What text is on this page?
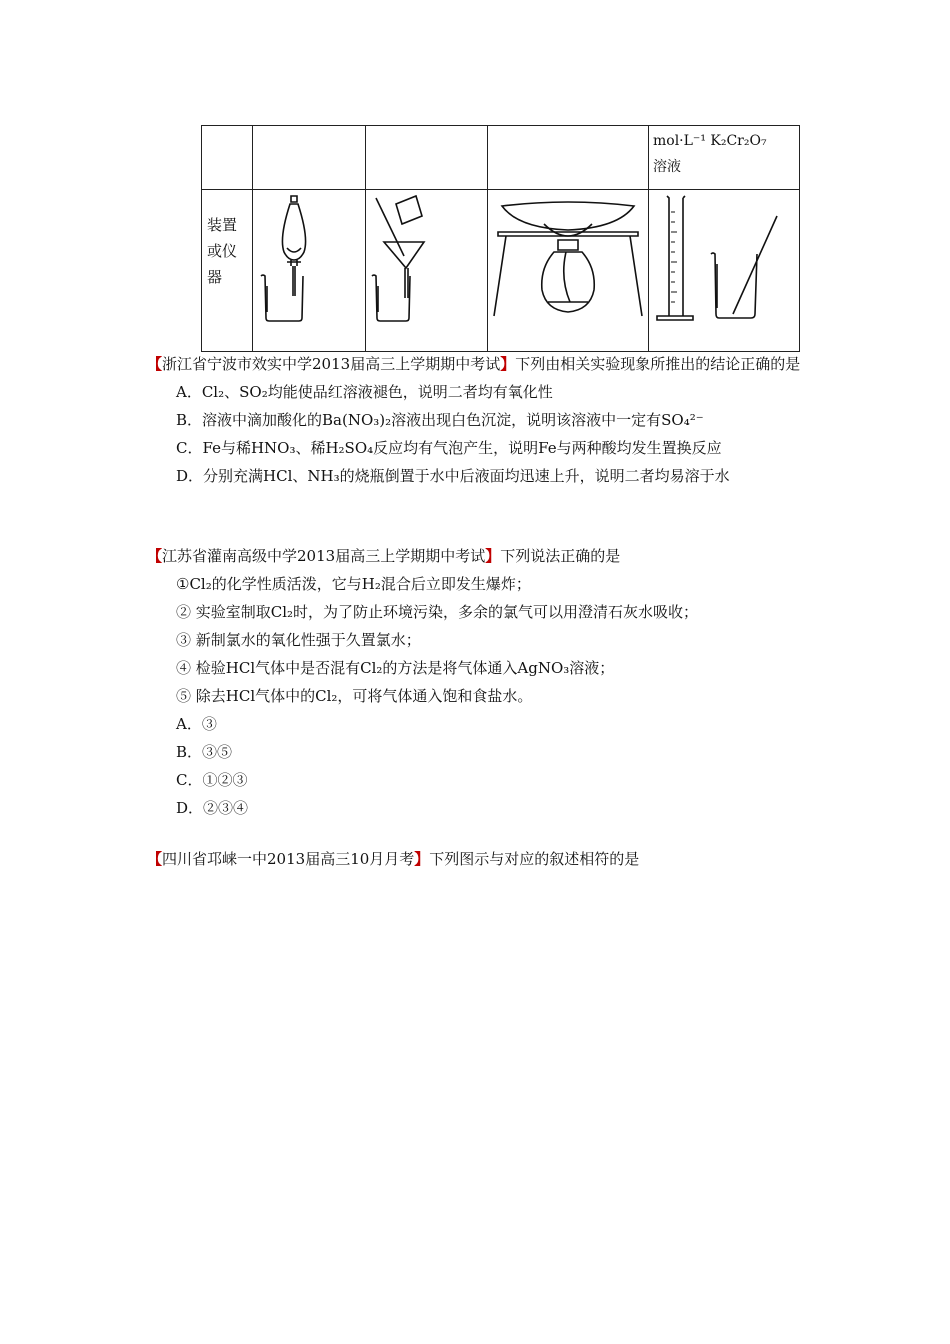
				mol·L⁻¹ K₂Cr₂O₇
溶液

装置
或仪
器

【浙江省宁波市效实中学2013届高三上学期期中考试】下列由相关实验现象所推出的结论正确的是
A．Cl₂、SO₂均能使品红溶液褪色，说明二者均有氧化性
B．溶液中滴加酸化的Ba(NO₃)₂溶液出现白色沉淀，说明该溶液中一定有SO₄²⁻
C．Fe与稀HNO₃、稀H₂SO₄反应均有气泡产生，说明Fe与两种酸均发生置换反应
D．分别充满HCl、NH₃的烧瓶倒置于水中后液面均迅速上升，说明二者均易溶于水
【江苏省灌南高级中学2013届高三上学期期中考试】下列说法正确的是
①Cl₂的化学性质活泼，它与H₂混合后立即发生爆炸；
② 实验室制取Cl₂时，为了防止环境污染，多余的氯气可以用澄清石灰水吸收；
③ 新制氯水的氧化性强于久置氯水；
④ 检验HCl气体中是否混有Cl₂的方法是将气体通入AgNO₃溶液；
⑤ 除去HCl气体中的Cl₂，可将气体通入饱和食盐水。
A．③
B．③⑤
C．①②③
D．②③④
【四川省邛崃一中2013届高三10月月考】下列图示与对应的叙述相符的是
